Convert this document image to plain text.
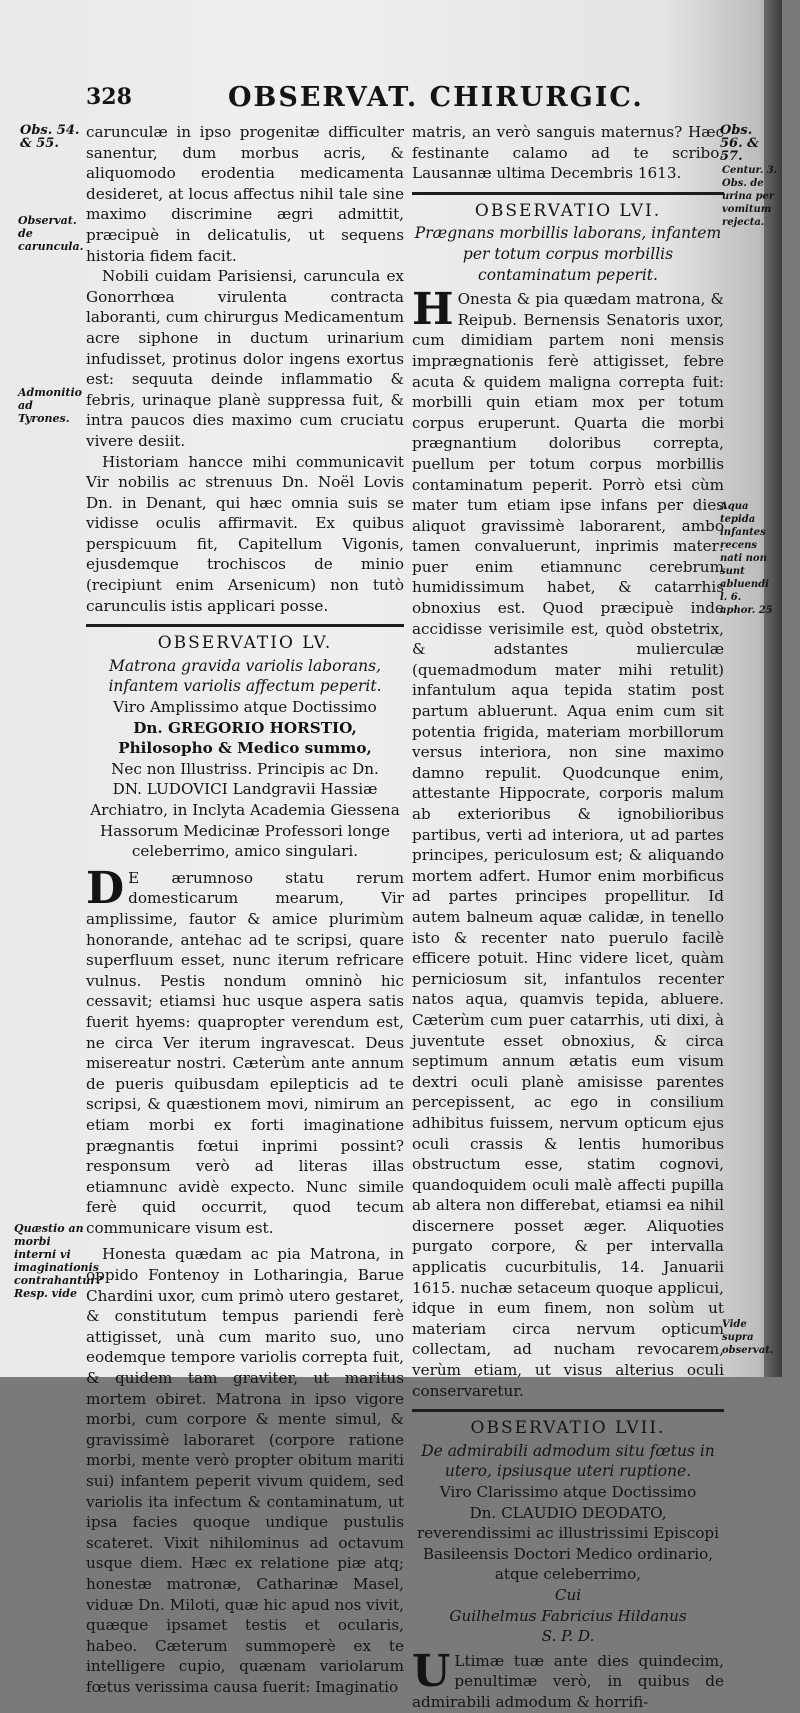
328	OBSERVAT. CHIRURGIC.
Obs. 54. & 55.
Observat. de caruncula.
Admonitio ad Tyrones.
Quæstio an morbi interni vi imaginationis contrahantur? Resp. vide
Obs. 56. & 57.
Centur. 3. Obs. de urina per vomitum rejecta.
Aqua tepida infantes recens nati non sunt abluendi l. 6. aphor. 25
Vide supra observat.

carunculæ in ipso progenitæ difficulter sanentur, dum morbus acris, & aliquomodo erodentia medicamenta desideret, at locus affectus nihil tale sine maximo discrimine ægri admittit, præcipuè in delicatulis, ut sequens historia fidem facit.

Nobili cuidam Parisiensi, caruncula ex Gonorrhœa virulenta contracta laboranti, cum chirurgus Medicamentum acre siphone in ductum urinarium infudisset, protinus dolor ingens exortus est: sequuta deinde inflammatio & febris, urinaque planè suppressa fuit, & intra paucos dies maximo cum cruciatu vivere desiit.

Historiam hancce mihi communicavit Vir nobilis ac strenuus Dn. Noël Lovis Dn. in Denant, qui hæc omnia suis se vidisse oculis affirmavit. Ex quibus perspicuum fit, Capitellum Vigonis, ejusdemque trochiscos de minio (recipiunt enim Arsenicum) non tutò carunculis istis applicari posse.

OBSERVATIO LV.
Matrona gravida variolis laborans, infantem variolis affectum peperit.
Viro Amplissimo atque Doctissimo
Dn. GREGORIO HORSTIO, Philosopho & Medico summo,
Nec non Illustriss. Principis ac Dn.
DN. LUDOVICI Landgravii Hassiæ Archiatro, in Inclyta Academia Giessena Hassorum Medicinæ Professori longe celeberrimo, amico singulari.
D E ærumnoso statu rerum domesticarum mearum, Vir amplissime, fautor & amice plurimùm honorande, antehac ad te scripsi, quare superfluum esset, nunc iterum refricare vulnus. Pestis nondum omninò hic cessavit; etiamsi huc usque aspera satis fuerit hyems: quapropter verendum est, ne circa Ver iterum ingravescat. Deus misereatur nostri. Cæterùm ante annum de pueris quibusdam epilepticis ad te scripsi, & quæstionem movi, nimirum an etiam morbi ex forti imaginatione prægnantis fœtui inprimi possint? responsum verò ad literas illas etiamnunc avidè expecto. Nunc simile ferè quid occurrit, quod tecum communicare visum est.

Honesta quædam ac pia Matrona, in oppido Fontenoy in Lotharingia, Barue Chardini uxor, cum primò utero gestaret, & constitutum tempus pariendi ferè attigisset, unà cum marito suo, uno eodemque tempore variolis correpta fuit, & quidem tam graviter, ut maritus mortem obiret. Matrona in ipso vigore morbi, cum corpore & mente simul, & gravissimè laboraret (corpore ratione morbi, mente verò propter obitum mariti sui) infantem peperit vivum quidem, sed variolis ita infectum & contaminatum, ut ipsa facies quoque undique pustulis scateret. Vixit nihilominus ad octavum usque diem. Hæc ex relatione piæ atq; honestæ matronæ, Catharinæ Masel, viduæ Dn. Miloti, quæ hic apud nos vivit, quæque ipsamet testis et ocularis, habeo. Cæterum summoperè ex te intelligere cupio, quænam variolarum fœtus verissima causa fuerit: Imaginatio

matris, an verò sanguis maternus? Hæc festinante calamo ad te scribo. Lausannæ ultima Decembris 1613.

OBSERVATIO LVI.
Prægnans morbillis laborans, infantem per totum corpus morbillis contaminatum peperit.
H Onesta & pia quædam matrona, & Reipub. Bernensis Senatoris uxor, cum dimidiam partem noni mensis imprægnationis ferè attigisset, febre acuta & quidem maligna correpta fuit: morbilli quin etiam mox per totum corpus eruperunt. Quarta die morbi prægnantium doloribus correpta, puellum per totum corpus morbillis contaminatum peperit. Porrò etsi cùm mater tum etiam ipse infans per dies aliquot gravissimè laborarent, ambo tamen convaluerunt, inprimis mater: puer enim etiamnunc cerebrum humidissimum habet, & catarrhis obnoxius est. Quod præcipuè inde accidisse verisimile est, quòd obstetrix, & adstantes mulierculæ (quemadmodum mater mihi retulit) infantulum aqua tepida statim post partum abluerunt. Aqua enim cum sit potentia frigida, materiam morbillorum versus interiora, non sine maximo damno repulit. Quodcunque enim, attestante Hippocrate, corporis malum ab exterioribus & ignobilioribus partibus, verti ad interiora, ut ad partes principes, periculosum est; & aliquando mortem adfert. Humor enim morbificus ad partes principes propellitur. Id autem balneum aquæ calidæ, in tenello isto & recenter nato puerulo facilè efficere potuit. Hinc videre licet, quàm perniciosum sit, infantulos recenter natos aqua, quamvis tepida, abluere. Cæterùm cum puer catarrhis, uti dixi, à juventute esset obnoxius, & circa septimum annum ætatis eum visum dextri oculi planè amisisse parentes percepissent, ac ego in consilium adhibitus fuissem, nervum opticum ejus oculi crassis & lentis humoribus obstructum esse, statim cognovi, quandoquidem oculi malè affecti pupilla ab altera non differebat, etiamsi ea nihil discernere posset æger. Aliquoties purgato corpore, & per intervalla applicatis cucurbitulis, 14. Januarii 1615. nuchæ setaceum quoque applicui, idque in eum finem, non solùm ut materiam circa nervum opticum collectam, ad nucham revocarem, verùm etiam, ut visus alterius oculi conservaretur.

OBSERVATIO LVII.
De admirabili admodum situ fœtus in utero, ipsiusque uteri ruptione.
Viro Clarissimo atque Doctissimo
Dn. CLAUDIO DEODATO, reverendissimi ac illustrissimi Episcopi Basileensis Doctori Medico ordinario, atque celeberrimo,
Cui
Guilhelmus Fabricius Hildanus
S. P. D.
U Ltimæ tuæ ante dies quindecim, penultimæ verò, in quibus de admirabili admodum & horrifi-
